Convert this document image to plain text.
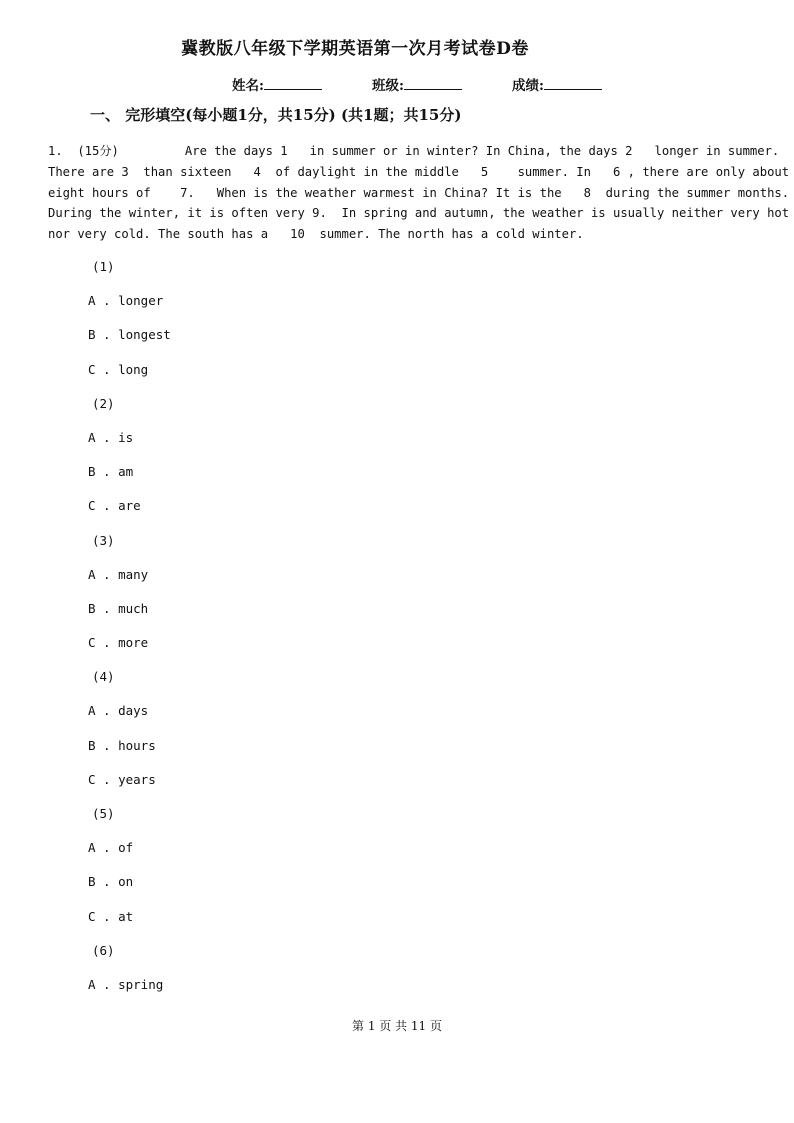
冀教版八年级下学期英语第一次月考试卷D卷
姓名:	班级:	成绩:
一、 完形填空(每小题1分，共15分) (共1题；共15分)
1.  (15分)         Are the days 1   in summer or in winter? In China, the days 2   longer in summer.
There are 3  than sixteen   4  of daylight in the middle   5    summer. In   6 , there are only about
eight hours of    7.   When is the weather warmest in China? It is the   8  during the summer months.
During the winter, it is often very 9.  In spring and autumn, the weather is usually neither very hot
nor very cold. The south has a   10  summer. The north has a cold winter.
(1)
A . longer
B . longest
C . long
(2)
A . is
B . am
C . are
(3)
A . many
B . much
C . more
(4)
A . days
B . hours
C . years
(5)
A . of
B . on
C . at
(6)
A . spring
第 1 页 共 11 页
